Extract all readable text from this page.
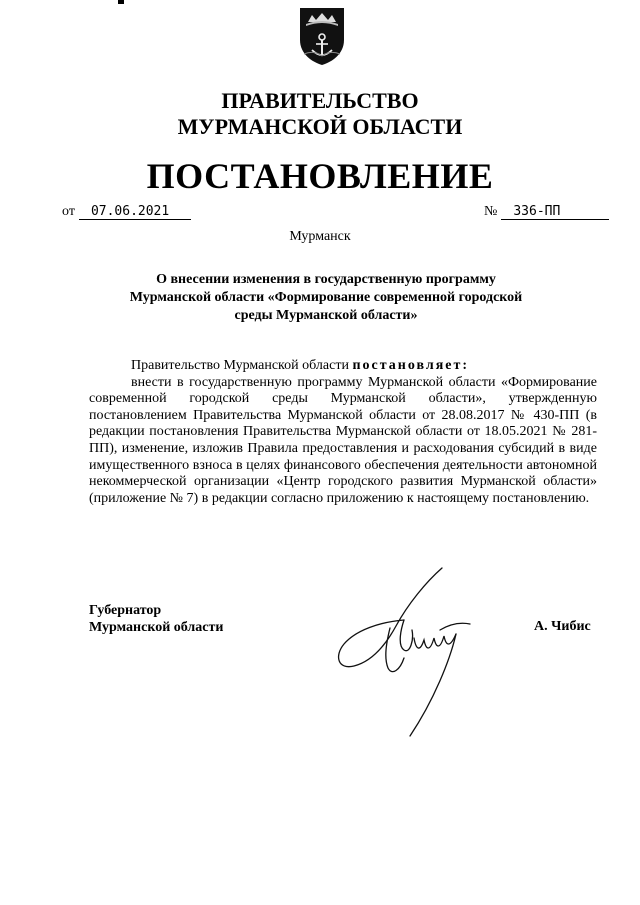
ПРАВИТЕЛЬСТВО
МУРМАНСКОЙ ОБЛАСТИ
ПОСТАНОВЛЕНИЕ
от 07.06.2021	№ 336-ПП
Мурманск
О внесении изменения в государственную программу
Мурманской области «Формирование современной городской
среды Мурманской области»

Правительство Мурманской области постановляет:

внести в государственную программу Мурманской области «Формирование современной городской среды Мурманской области», утвержденную постановлением Правительства Мурманской области от 28.08.2017 № 430-ПП (в редакции постановления Правительства Мурманской области от 18.05.2021 № 281-ПП), изменение, изложив Правила предоставления и расходования субсидий в виде имущественного взноса в целях финансового обеспечения деятельности автономной некоммерческой организации «Центр городского развития Мурманской области» (приложение № 7) в редакции согласно приложению к настоящему постановлению.

Губернатор
Мурманской области	А. Чибис
